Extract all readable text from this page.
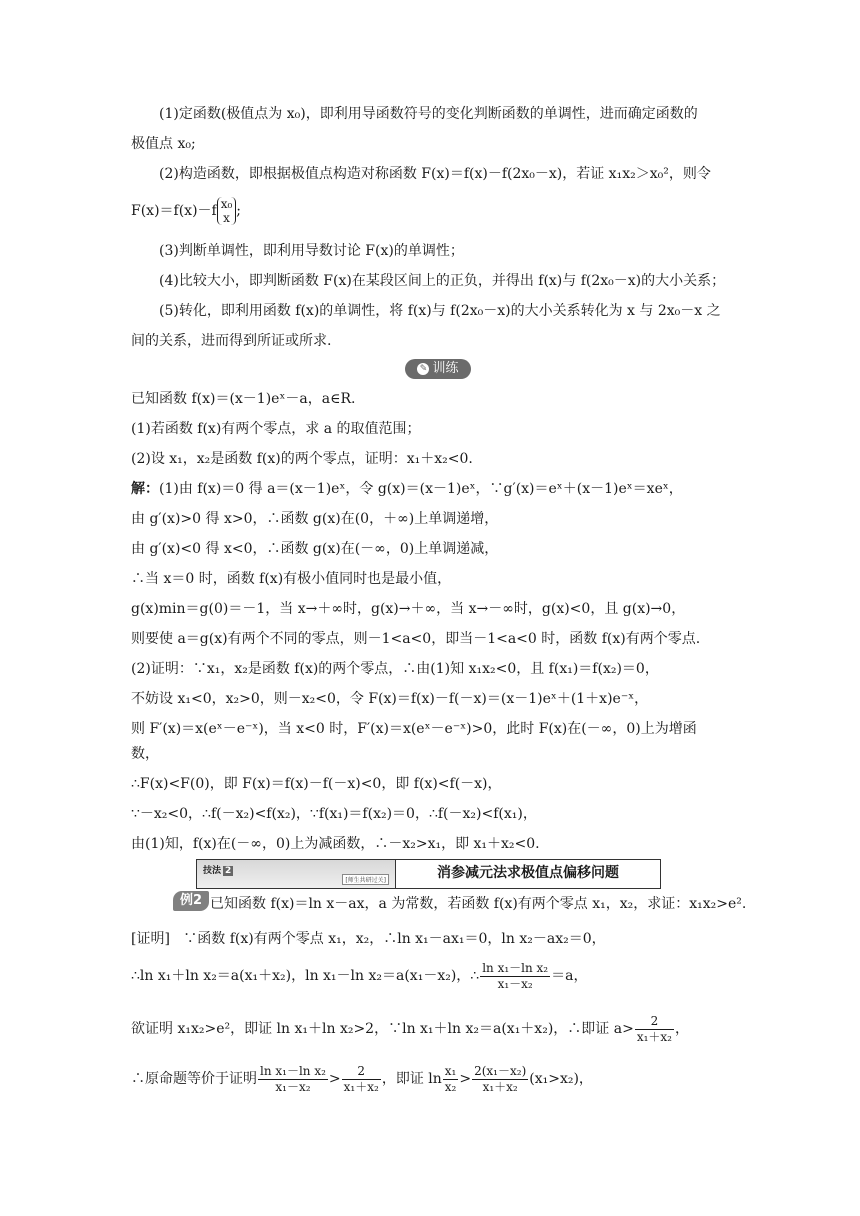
(1)定函数(极值点为 x₀)，即利用导函数符号的变化判断函数的单调性，进而确定函数的
极值点 x₀;
(2)构造函数，即根据极值点构造对称函数 F(x)＝f(x)－f(2x₀－x)，若证 x₁x₂＞x₀²，则令
F(x)＝f(x)－f x₀
x ;
(3)判断单调性，即利用导数讨论 F(x)的单调性；
(4)比较大小，即判断函数 F(x)在某段区间上的正负，并得出 f(x)与 f(2x₀－x)的大小关系；
(5)转化，即利用函数 f(x)的单调性，将 f(x)与 f(2x₀－x)的大小关系转化为 x 与 2x₀－x 之
间的关系，进而得到所证或所求.
✎ 训练
已知函数 f(x)＝(x－1)eˣ－a，a∈R.
(1)若函数 f(x)有两个零点，求 a 的取值范围；
(2)设 x₁，x₂是函数 f(x)的两个零点，证明：x₁＋x₂<0.
解：(1)由 f(x)＝0 得 a＝(x－1)eˣ，令 g(x)＝(x－1)eˣ，∵g′(x)＝eˣ＋(x－1)eˣ＝xeˣ，
由 g′(x)>0 得 x>0，∴函数 g(x)在(0，＋∞)上单调递增，
由 g′(x)<0 得 x<0，∴函数 g(x)在(－∞，0)上单调递减，
∴当 x＝0 时，函数 f(x)有极小值同时也是最小值，
g(x)min＝g(0)＝－1，当 x→＋∞时，g(x)→＋∞，当 x→－∞时，g(x)<0，且 g(x)→0，
则要使 a＝g(x)有两个不同的零点，则－1<a<0，即当－1<a<0 时，函数 f(x)有两个零点.
(2)证明：∵x₁，x₂是函数 f(x)的两个零点，∴由(1)知 x₁x₂<0，且 f(x₁)＝f(x₂)＝0，
不妨设 x₁<0，x₂>0，则－x₂<0，令 F(x)＝f(x)－f(－x)＝(x－1)eˣ＋(1＋x)e⁻ˣ，
则 F′(x)＝x(eˣ－e⁻ˣ)，当 x<0 时，F′(x)＝x(eˣ－e⁻ˣ)>0，此时 F(x)在(－∞，0)上为增函
数，
∴F(x)<F(0)，即 F(x)＝f(x)－f(－x)<0，即 f(x)<f(－x)，
∵－x₂<0，∴f(－x₂)<f(x₂)，∵f(x₁)＝f(x₂)＝0，∴f(－x₂)<f(x₁)，
由(1)知，f(x)在(－∞，0)上为减函数，∴－x₂>x₁，即 x₁＋x₂<0.
技法 2
[师生共研过关]	消参减元法求极值点偏移问题
例2 已知函数 f(x)＝ln x－ax，a 为常数，若函数 f(x)有两个零点 x₁，x₂，求证：x₁x₂>e².
[证明] ∵函数 f(x)有两个零点 x₁，x₂，∴ln x₁－ax₁＝0，ln x₂－ax₂＝0，
∴ln x₁＋ln x₂＝a(x₁＋x₂)，ln x₁－ln x₂＝a(x₁－x₂)，∴ $\frac{\text{ln x₁－ln x₂}}{\text{x₁－x₂}} =a$，
欲证明 x₁x₂>e²，即证 ln x₁＋ln x₂>2，∵ln x₁＋ln x₂＝a(x₁＋x₂)，∴即证 $a> \frac{2}{\text{x₁＋x₂}}$ ，
∴原命题等价于证明 $\frac{\text{ln x₁－ln x₂}}{\text{x₁－x₂}} > \frac{2}{\text{x₁＋x₂}}$ ，即证 $\ln \frac{\text{x₁}}{\text{x₂}} > \frac{\text{2(x₁－x₂)}}{\text{x₁＋x₂}} (x_1>x_2)$，
